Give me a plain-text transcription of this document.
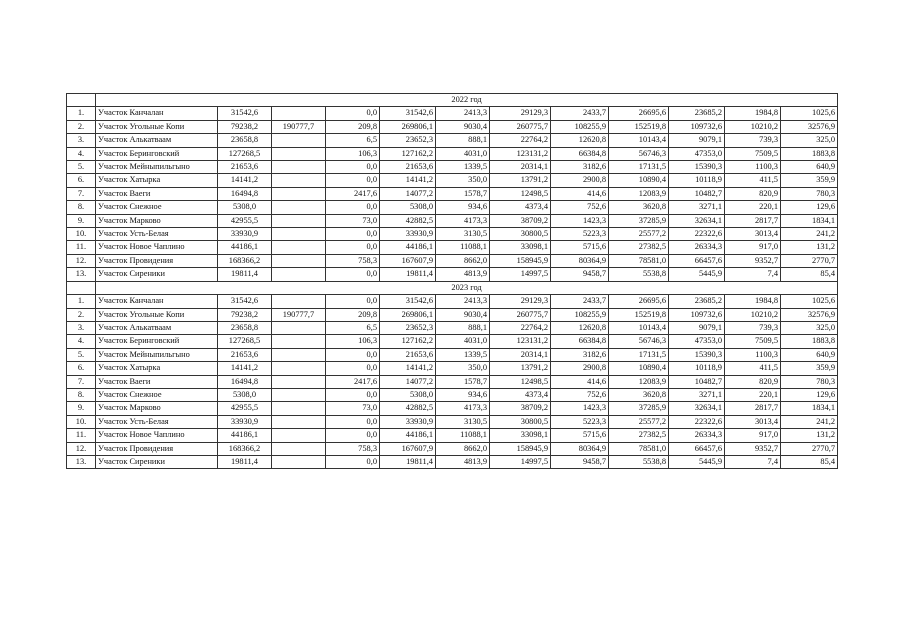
	2022 год											
1.	Участок Канчалан	31542,6		0,0	31542,6	2413,3	29129,3	2433,7	26695,6	23685,2	1984,8	1025,6
2.	Участок Угольные Копи	79238,2	190777,7	209,8	269806,1	9030,4	260775,7	108255,9	152519,8	109732,6	10210,2	32576,9
3.	Участок Алькатваам	23658,8		6,5	23652,3	888,1	22764,2	12620,8	10143,4	9079,1	739,3	325,0
4.	Участок Беринговский	127268,5		106,3	127162,2	4031,0	123131,2	66384,8	56746,3	47353,0	7509,5	1883,8
5.	Участок Мейныпильгыно	21653,6		0,0	21653,6	1339,5	20314,1	3182,6	17131,5	15390,3	1100,3	640,9
6.	Участок Хатырка	14141,2		0,0	14141,2	350,0	13791,2	2900,8	10890,4	10118,9	411,5	359,9
7.	Участок Ваеги	16494,8		2417,6	14077,2	1578,7	12498,5	414,6	12083,9	10482,7	820,9	780,3
8.	Участок Снежное	5308,0		0,0	5308,0	934,6	4373,4	752,6	3620,8	3271,1	220,1	129,6
9.	Участок Марково	42955,5		73,0	42882,5	4173,3	38709,2	1423,3	37285,9	32634,1	2817,7	1834,1
10.	Участок Усть-Белая	33930,9		0,0	33930,9	3130,5	30800,5	5223,3	25577,2	22322,6	3013,4	241,2
11.	Участок Новое Чаплино	44186,1		0,0	44186,1	11088,1	33098,1	5715,6	27382,5	26334,3	917,0	131,2
12.	Участок Провидения	168366,2		758,3	167607,9	8662,0	158945,9	80364,9	78581,0	66457,6	9352,7	2770,7
13.	Участок Сиреники	19811,4		0,0	19811,4	4813,9	14997,5	9458,7	5538,8	5445,9	7,4	85,4
	2023 год											
1.	Участок Канчалан	31542,6		0,0	31542,6	2413,3	29129,3	2433,7	26695,6	23685,2	1984,8	1025,6
2.	Участок Угольные Копи	79238,2	190777,7	209,8	269806,1	9030,4	260775,7	108255,9	152519,8	109732,6	10210,2	32576,9
3.	Участок Алькатваам	23658,8		6,5	23652,3	888,1	22764,2	12620,8	10143,4	9079,1	739,3	325,0
4.	Участок Беринговский	127268,5		106,3	127162,2	4031,0	123131,2	66384,8	56746,3	47353,0	7509,5	1883,8
5.	Участок Мейныпильгыно	21653,6		0,0	21653,6	1339,5	20314,1	3182,6	17131,5	15390,3	1100,3	640,9
6.	Участок Хатырка	14141,2		0,0	14141,2	350,0	13791,2	2900,8	10890,4	10118,9	411,5	359,9
7.	Участок Ваеги	16494,8		2417,6	14077,2	1578,7	12498,5	414,6	12083,9	10482,7	820,9	780,3
8.	Участок Снежное	5308,0		0,0	5308,0	934,6	4373,4	752,6	3620,8	3271,1	220,1	129,6
9.	Участок Марково	42955,5		73,0	42882,5	4173,3	38709,2	1423,3	37285,9	32634,1	2817,7	1834,1
10.	Участок Усть-Белая	33930,9		0,0	33930,9	3130,5	30800,5	5223,3	25577,2	22322,6	3013,4	241,2
11.	Участок Новое Чаплино	44186,1		0,0	44186,1	11088,1	33098,1	5715,6	27382,5	26334,3	917,0	131,2
12.	Участок Провидения	168366,2		758,3	167607,9	8662,0	158945,9	80364,9	78581,0	66457,6	9352,7	2770,7
13.	Участок Сиреники	19811,4		0,0	19811,4	4813,9	14997,5	9458,7	5538,8	5445,9	7,4	85,4
